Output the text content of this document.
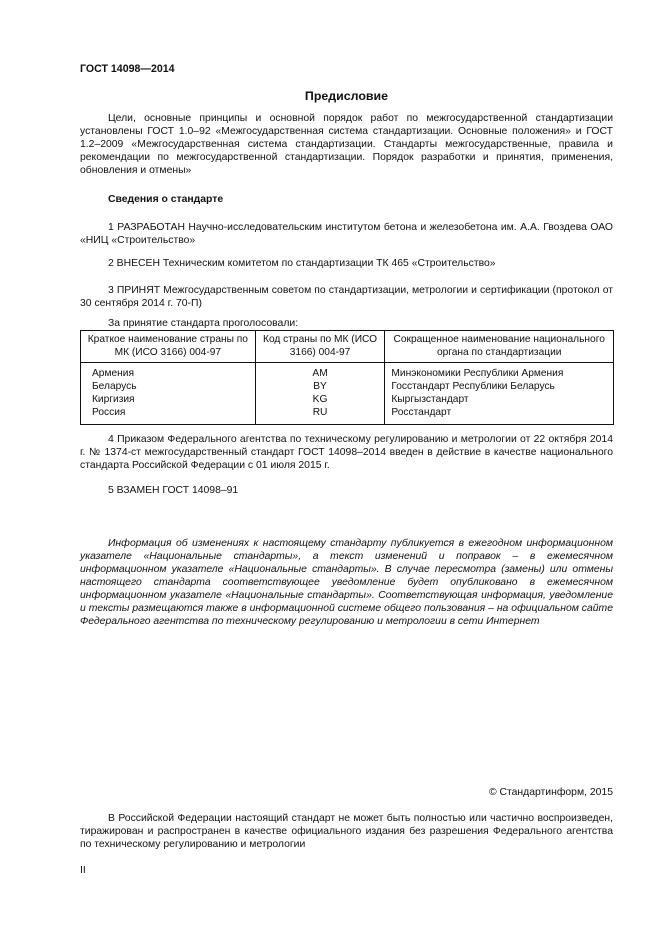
ГОСТ 14098—2014
Предисловие
Цели, основные принципы и основной порядок работ по межгосударственной стандартизации установлены ГОСТ 1.0–92 «Межгосударственная система стандартизации. Основные положения» и ГОСТ 1.2–2009 «Межгосударственная система стандартизации. Стандарты межгосударственные, правила и рекомендации по межгосударственной стандартизации. Порядок разработки и принятия, применения, обновления и отмены»
Сведения о стандарте
1 РАЗРАБОТАН Научно-исследовательским институтом бетона и железобетона им. А.А. Гвоздева ОАО «НИЦ «Строительство»
2 ВНЕСЕН Техническим комитетом по стандартизации ТК 465 «Строительство»
3 ПРИНЯТ Межгосударственным советом по стандартизации, метрологии и сертификации (протокол от 30 сентября 2014 г. 70-П)
За принятие стандарта проголосовали:
Краткое наименование страны по МК (ИСО 3166) 004-97	Код страны по МК (ИСО 3166) 004-97	Сокращенное наименование национального органа по стандартизации
Армения	AM	Минэкономики Республики Армения
Беларусь	BY	Госстандарт Республики Беларусь
Киргизия	KG	Кыргызстандарт
Россия	RU	Росстандарт
4 Приказом Федерального агентства по техническому регулированию и метрологии от 22 октября 2014 г. № 1374-ст межгосударственный стандарт ГОСТ 14098–2014 введен в действие в качестве национального стандарта Российской Федерации с 01 июля 2015 г.
5 ВЗАМЕН ГОСТ 14098–91
Информация об изменениях к настоящему стандарту публикуется в ежегодном информационном указателе «Национальные стандарты», а текст изменений и поправок – в ежемесячном информационном указателе «Национальные стандарты». В случае пересмотра (замены) или отмены настоящего стандарта соответствующее уведомление будет опубликовано в ежемесячном информационном указателе «Национальные стандарты». Соответствующая информация, уведомление и тексты размещаются также в информационной системе общего пользования – на официальном сайте Федерального агентства по техническому регулированию и метрологии в сети Интернет
© Стандартинформ, 2015
В Российской Федерации настоящий стандарт не может быть полностью или частично воспроизведен, тиражирован и распространен в качестве официального издания без разрешения Федерального агентства по техническому регулированию и метрологии
II
